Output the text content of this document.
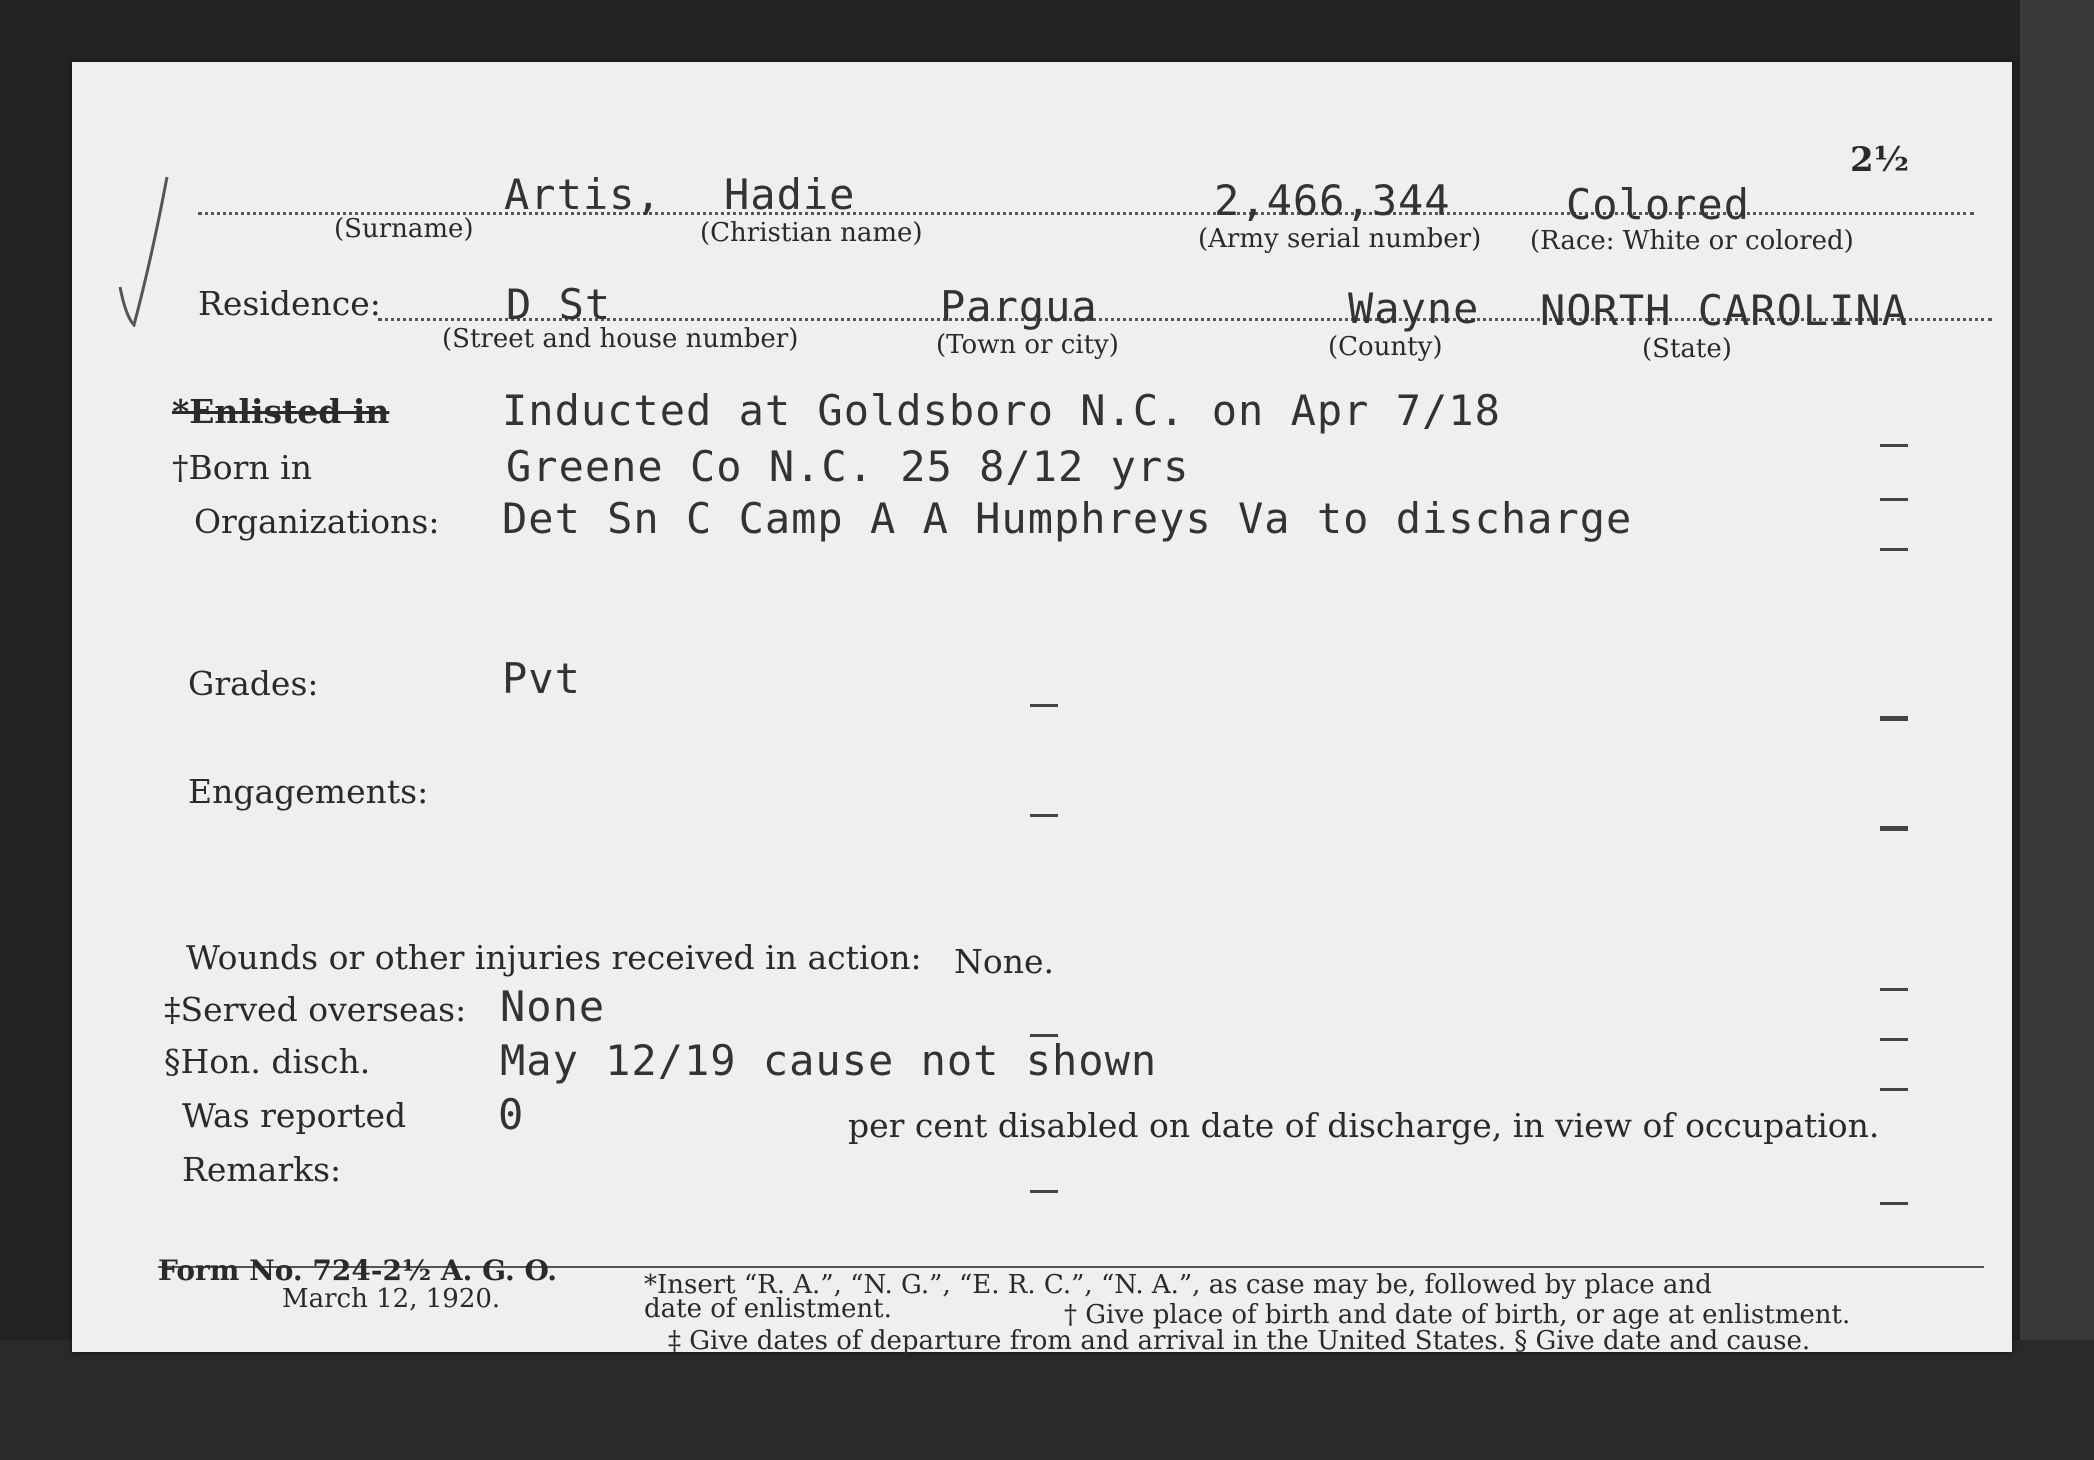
2½
Artis, Hadie	2,466,344	Colored
(Surname)	(Christian name)	(Army serial number) (Race: White or colored)
Residence:	D St	Pargua	Wayne NORTH CAROLINA
(Street and house number)	(Town or city)	(County)	(State)
*Enlisted in	Inducted at Goldsboro N.C. on Apr 7/18
†Born in	Greene Co N.C. 25 8/12 yrs
Organizations: Det Sn C Camp A A Humphreys Va to discharge
Grades:	Pvt
Engagements:
Wounds or other injuries received in action: None.
‡Served overseas: None
§Hon. disch.	May 12/19 cause not shown
Was reported 0	per cent disabled on date of discharge, in view of occupation.
Remarks:
Form No. 724-2½ A. G. O.
March 12, 1920.	*Insert “R. A.”, “N. G.”, “E. R. C.”, “N. A.”, as case may be, followed by place and
date of enlistment.	† Give place of birth and date of birth, or age at enlistment.
‡ Give dates of departure from and arrival in the United States. § Give date and cause.
